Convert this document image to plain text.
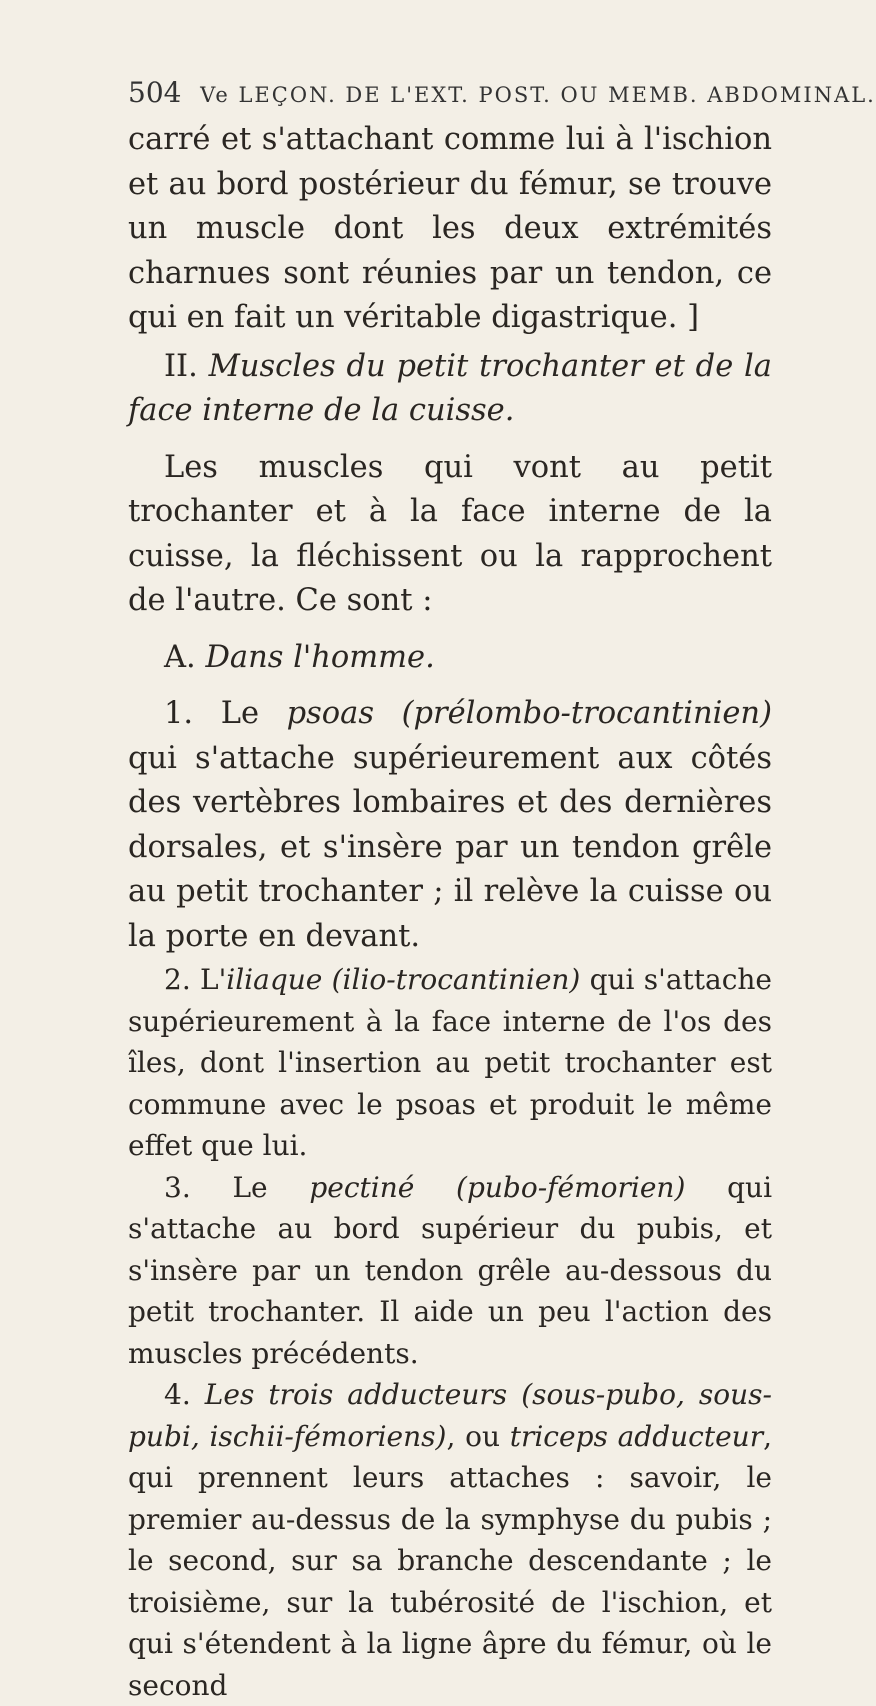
504 Ve LEÇON. DE L'EXT. POST. OU MEMB. ABDOMINAL.

carré et s'attachant comme lui à l'ischion et au bord postérieur du fémur, se trouve un muscle dont les deux extrémités charnues sont réunies par un tendon, ce qui en fait un véritable digastrique. ]

II. Muscles du petit trochanter et de la face interne de la cuisse.

Les muscles qui vont au petit trochanter et à la face interne de la cuisse, la fléchissent ou la rapprochent de l'autre. Ce sont :

A. Dans l'homme.

1. Le psoas (prélombo-trocantinien) qui s'attache supérieurement aux côtés des vertèbres lombaires et des dernières dorsales, et s'insère par un tendon grêle au petit trochanter ; il relève la cuisse ou la porte en devant.

2. L'iliaque (ilio-trocantinien) qui s'attache supérieurement à la face interne de l'os des îles, dont l'insertion au petit trochanter est commune avec le psoas et produit le même effet que lui.

3. Le pectiné (pubo-fémorien) qui s'attache au bord supérieur du pubis, et s'insère par un tendon grêle au-dessous du petit trochanter. Il aide un peu l'action des muscles précédents.

4. Les trois adducteurs (sous-pubo, sous-pubi, ischii-fémoriens), ou triceps adducteur, qui prennent leurs attaches : savoir, le premier au-dessus de la symphyse du pubis ; le second, sur sa branche descendante ; le troisième, sur la tubérosité de l'ischion, et qui s'étendent à la ligne âpre du fémur, où le second
